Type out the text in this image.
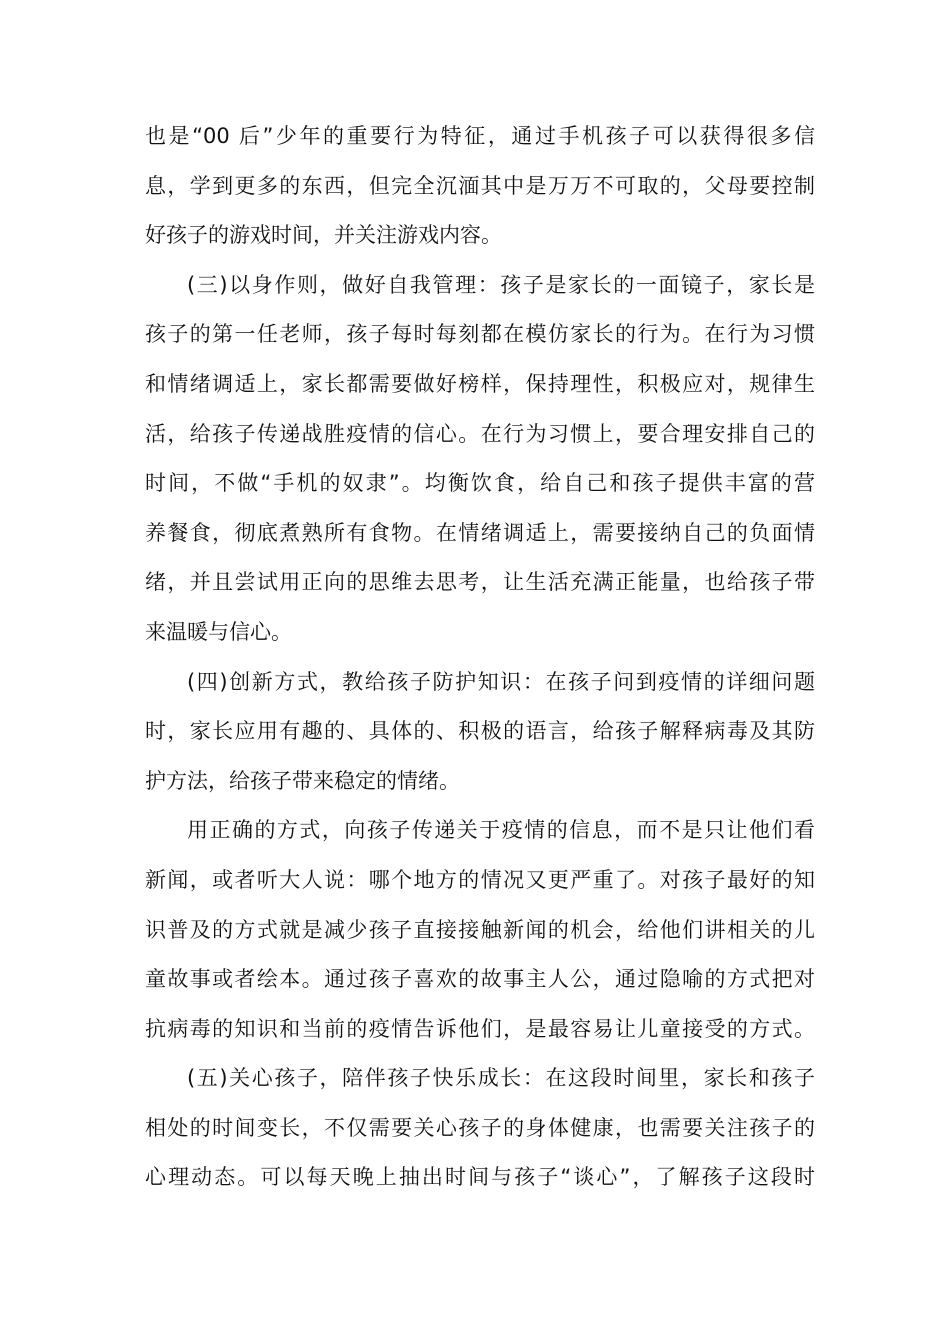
也是“00 后”少年的重要行为特征，通过手机孩子可以获得很多信
息，学到更多的东西，但完全沉湎其中是万万不可取的，父母要控制
好孩子的游戏时间，并关注游戏内容。
(三)以身作则，做好自我管理：孩子是家长的一面镜子，家长是
孩子的第一任老师，孩子每时每刻都在模仿家长的行为。在行为习惯
和情绪调适上，家长都需要做好榜样，保持理性，积极应对，规律生
活，给孩子传递战胜疫情的信心。在行为习惯上，要合理安排自己的
时间，不做“手机的奴隶”。均衡饮食，给自己和孩子提供丰富的营
养餐食，彻底煮熟所有食物。在情绪调适上，需要接纳自己的负面情
绪，并且尝试用正向的思维去思考，让生活充满正能量，也给孩子带
来温暖与信心。
(四)创新方式，教给孩子防护知识：在孩子问到疫情的详细问题
时，家长应用有趣的、具体的、积极的语言，给孩子解释病毒及其防
护方法，给孩子带来稳定的情绪。
用正确的方式，向孩子传递关于疫情的信息，而不是只让他们看
新闻，或者听大人说：哪个地方的情况又更严重了。对孩子最好的知
识普及的方式就是减少孩子直接接触新闻的机会，给他们讲相关的儿
童故事或者绘本。通过孩子喜欢的故事主人公，通过隐喻的方式把对
抗病毒的知识和当前的疫情告诉他们，是最容易让儿童接受的方式。
(五)关心孩子，陪伴孩子快乐成长：在这段时间里，家长和孩子
相处的时间变长，不仅需要关心孩子的身体健康，也需要关注孩子的
心理动态。可以每天晚上抽出时间与孩子“谈心”，了解孩子这段时
